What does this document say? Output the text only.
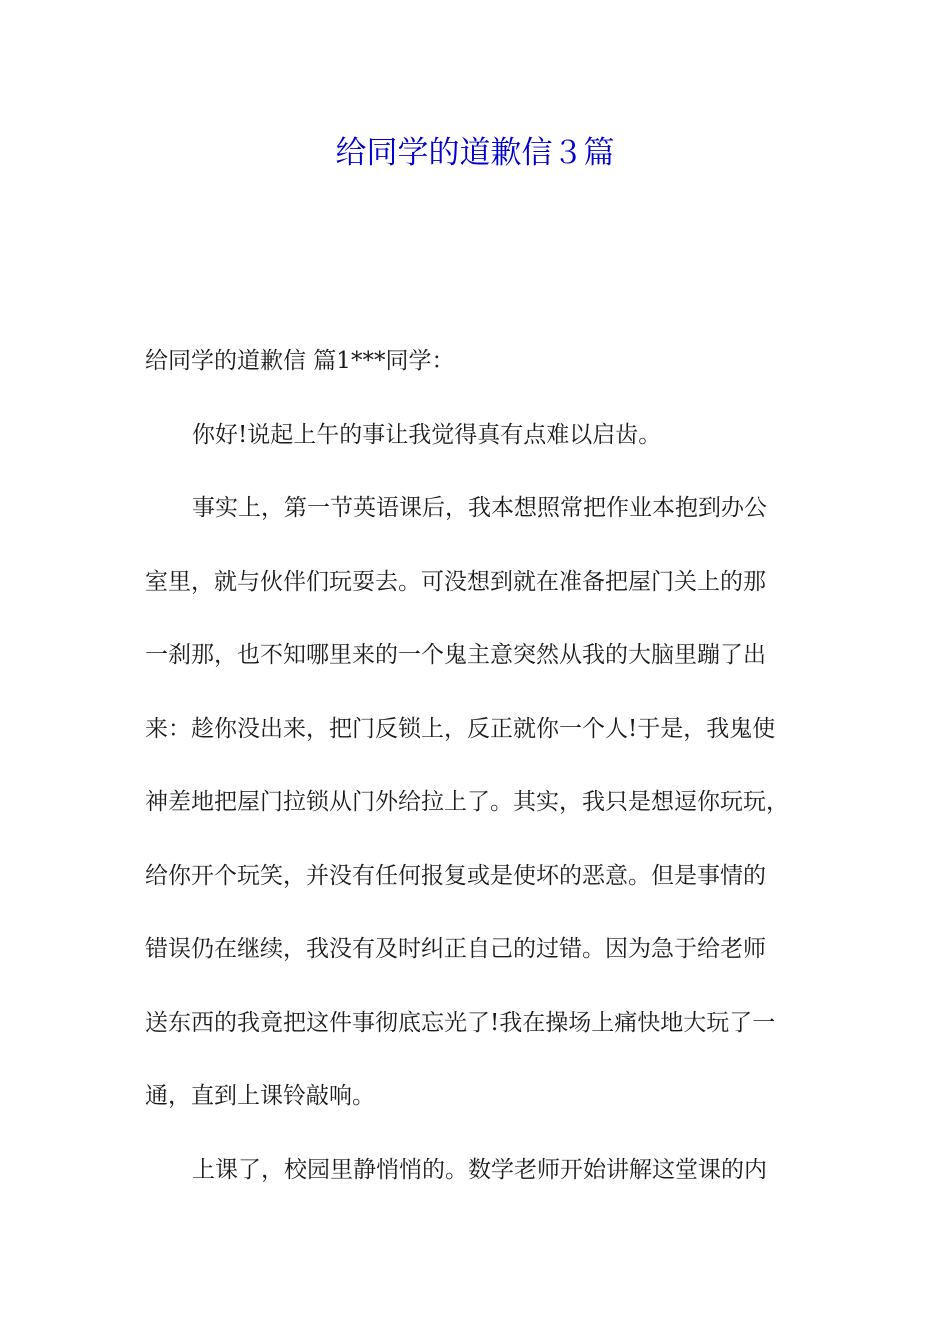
给同学的道歉信３篇
给同学的道歉信 篇1***同学：
你好!说起上午的事让我觉得真有点难以启齿。
事实上，第一节英语课后，我本想照常把作业本抱到办公
室里，就与伙伴们玩耍去。可没想到就在准备把屋门关上的那
一刹那，也不知哪里来的一个鬼主意突然从我的大脑里蹦了出
来：趁你没出来，把门反锁上，反正就你一个人!于是，我鬼使
神差地把屋门拉锁从门外给拉上了。其实，我只是想逗你玩玩，
给你开个玩笑，并没有任何报复或是使坏的恶意。但是事情的
错误仍在继续，我没有及时纠正自己的过错。因为急于给老师
送东西的我竟把这件事彻底忘光了!我在操场上痛快地大玩了一
通，直到上课铃敲响。
上课了，校园里静悄悄的。数学老师开始讲解这堂课的内
